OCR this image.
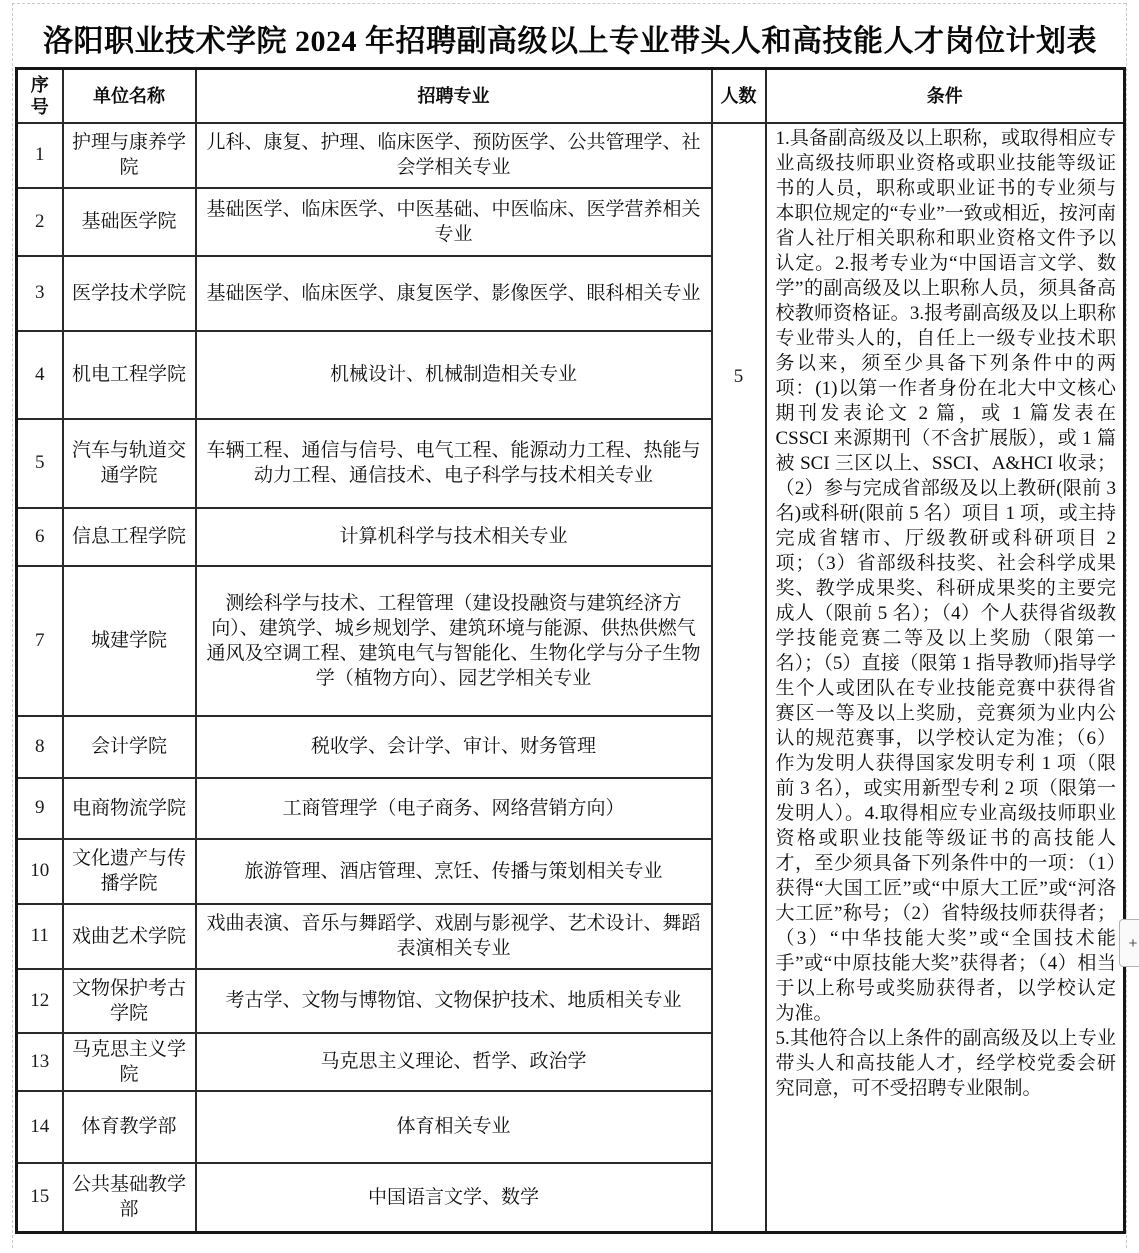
洛阳职业技术学院 2024 年招聘副高级以上专业带头人和高技能人才岗位计划表
序号	单位名称	招聘专业	人数	条件
1	护理与康养学院	儿科、康复、护理、临床医学、预防医学、公共管理学、社会学相关专业	5	1.具备副高级及以上职称，或取得相应专业高级技师职业资格或职业技能等级证书的人员，职称或职业证书的专业须与本职位规定的“专业”一致或相近，按河南省人社厅相关职称和职业资格文件予以认定。2.报考专业为“中国语言文学、数学”的副高级及以上职称人员，须具备高校教师资格证。3.报考副高级及以上职称专业带头人的，自任上一级专业技术职务以来，须至少具备下列条件中的两项：(1)以第一作者身份在北大中文核心期刊发表论文 2 篇，或 1 篇发表在 CSSCI 来源期刊（不含扩展版），或 1 篇被 SCI 三区以上、SSCI、A&HCI 收录；（2）参与完成省部级及以上教研(限前 3 名)或科研(限前 5 名）项目 1 项，或主持完成省辖市、厅级教研或科研项目 2 项；（3）省部级科技奖、社会科学成果奖、教学成果奖、科研成果奖的主要完成人（限前 5 名）；（4）个人获得省级教学技能竞赛二等及以上奖励（限第一名）；（5）直接（限第 1 指导教师)指导学生个人或团队在专业技能竞赛中获得省赛区一等及以上奖励，竞赛须为业内公认的规范赛事，以学校认定为准；（6）作为发明人获得国家发明专利 1 项（限前 3 名），或实用新型专利 2 项（限第一发明人）。4.取得相应专业高级技师职业资格或职业技能等级证书的高技能人才，至少须具备下列条件中的一项：（1）获得“大国工匠”或“中原大工匠”或“河洛大工匠”称号；（2）省特级技师获得者；（3）“中华技能大奖”或“全国技术能手”或“中原技能大奖”获得者；（4）相当于以上称号或奖励获得者，以学校认定为准。

5.其他符合以上条件的副高级及以上专业带头人和高技能人才，经学校党委会研究同意，可不受招聘专业限制。

2	基础医学院	基础医学、临床医学、中医基础、中医临床、医学营养相关专业		
3	医学技术学院	基础医学、临床医学、康复医学、影像医学、眼科相关专业		
4	机电工程学院	机械设计、机械制造相关专业		
5	汽车与轨道交通学院	车辆工程、通信与信号、电气工程、能源动力工程、热能与动力工程、通信技术、电子科学与技术相关专业		
6	信息工程学院	计算机科学与技术相关专业		
7	城建学院	测绘科学与技术、工程管理（建设投融资与建筑经济方向）、建筑学、城乡规划学、建筑环境与能源、供热供燃气通风及空调工程、建筑电气与智能化、生物化学与分子生物学（植物方向）、园艺学相关专业		
8	会计学院	税收学、会计学、审计、财务管理		
9	电商物流学院	工商管理学（电子商务、网络营销方向）		
10	文化遗产与传播学院	旅游管理、酒店管理、烹饪、传播与策划相关专业		
11	戏曲艺术学院	戏曲表演、音乐与舞蹈学、戏剧与影视学、艺术设计、舞蹈表演相关专业		
12	文物保护考古学院	考古学、文物与博物馆、文物保护技术、地质相关专业		
13	马克思主义学院	马克思主义理论、哲学、政治学		
14	体育教学部	体育相关专业		
15	公共基础教学部	中国语言文学、数学		
+
